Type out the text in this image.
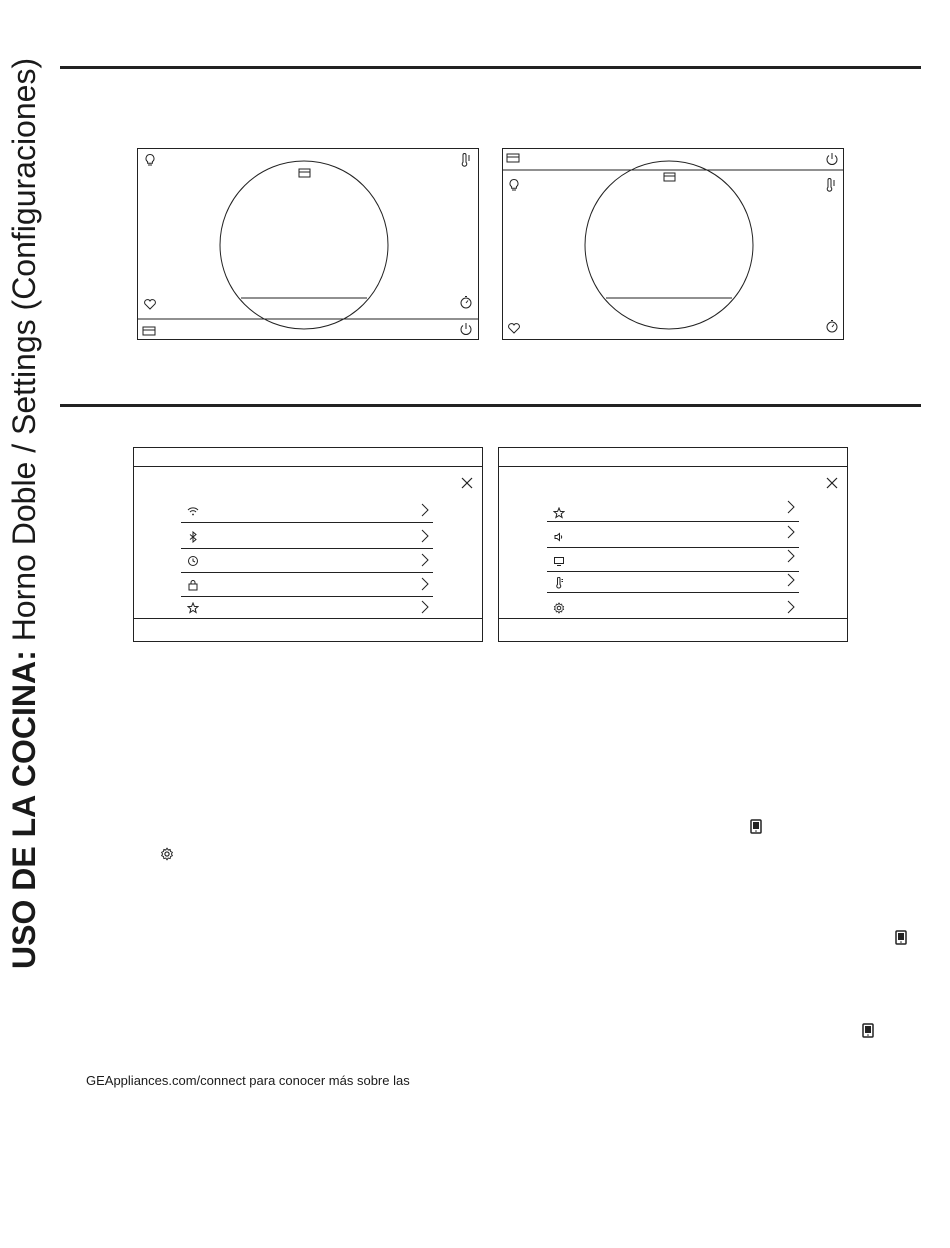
USO DE LA COCINA: Horno Doble / Settings (Configuraciones)
GEAppliances.com/connect para conocer más sobre las
